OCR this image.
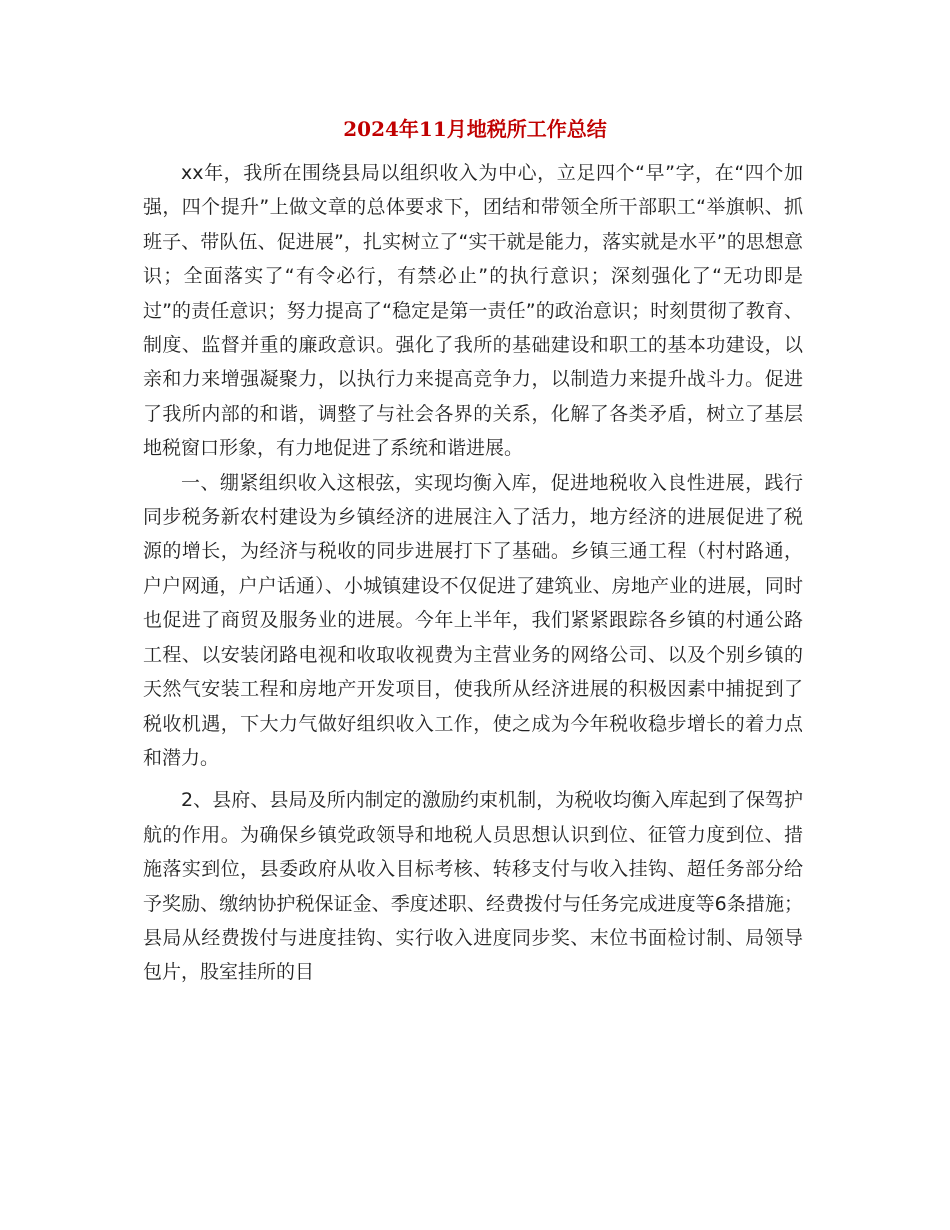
2024年11月地税所工作总结

xx年，我所在围绕县局以组织收入为中心，立足四个“早”字，在“四个加强，四个提升”上做文章的总体要求下，团结和带领全所干部职工“举旗帜、抓班子、带队伍、促进展”，扎实树立了“实干就是能力，落实就是水平”的思想意识；全面落实了“有令必行，有禁必止”的执行意识；深刻强化了“无功即是过”的责任意识；努力提高了“稳定是第一责任”的政治意识；时刻贯彻了教育、制度、监督并重的廉政意识。强化了我所的基础建设和职工的基本功建设，以亲和力来增强凝聚力，以执行力来提高竞争力，以制造力来提升战斗力。促进了我所内部的和谐，调整了与社会各界的关系，化解了各类矛盾，树立了基层地税窗口形象，有力地促进了系统和谐进展。

一、绷紧组织收入这根弦，实现均衡入库，促进地税收入良性进展，践行同步税务新农村建设为乡镇经济的进展注入了活力，地方经济的进展促进了税源的增长，为经济与税收的同步进展打下了基础。乡镇三通工程（村村路通，户户网通，户户话通）、小城镇建设不仅促进了建筑业、房地产业的进展，同时也促进了商贸及服务业的进展。今年上半年，我们紧紧跟踪各乡镇的村通公路工程、以安装闭路电视和收取收视费为主营业务的网络公司、以及个别乡镇的天然气安装工程和房地产开发项目，使我所从经济进展的积极因素中捕捉到了税收机遇，下大力气做好组织收入工作，使之成为今年税收稳步增长的着力点和潜力。

2、县府、县局及所内制定的激励约束机制，为税收均衡入库起到了保驾护航的作用。为确保乡镇党政领导和地税人员思想认识到位、征管力度到位、措施落实到位，县委政府从收入目标考核、转移支付与收入挂钩、超任务部分给予奖励、缴纳协护税保证金、季度述职、经费拨付与任务完成进度等6条措施；县局从经费拨付与进度挂钩、实行收入进度同步奖、末位书面检讨制、局领导包片，股室挂所的目
